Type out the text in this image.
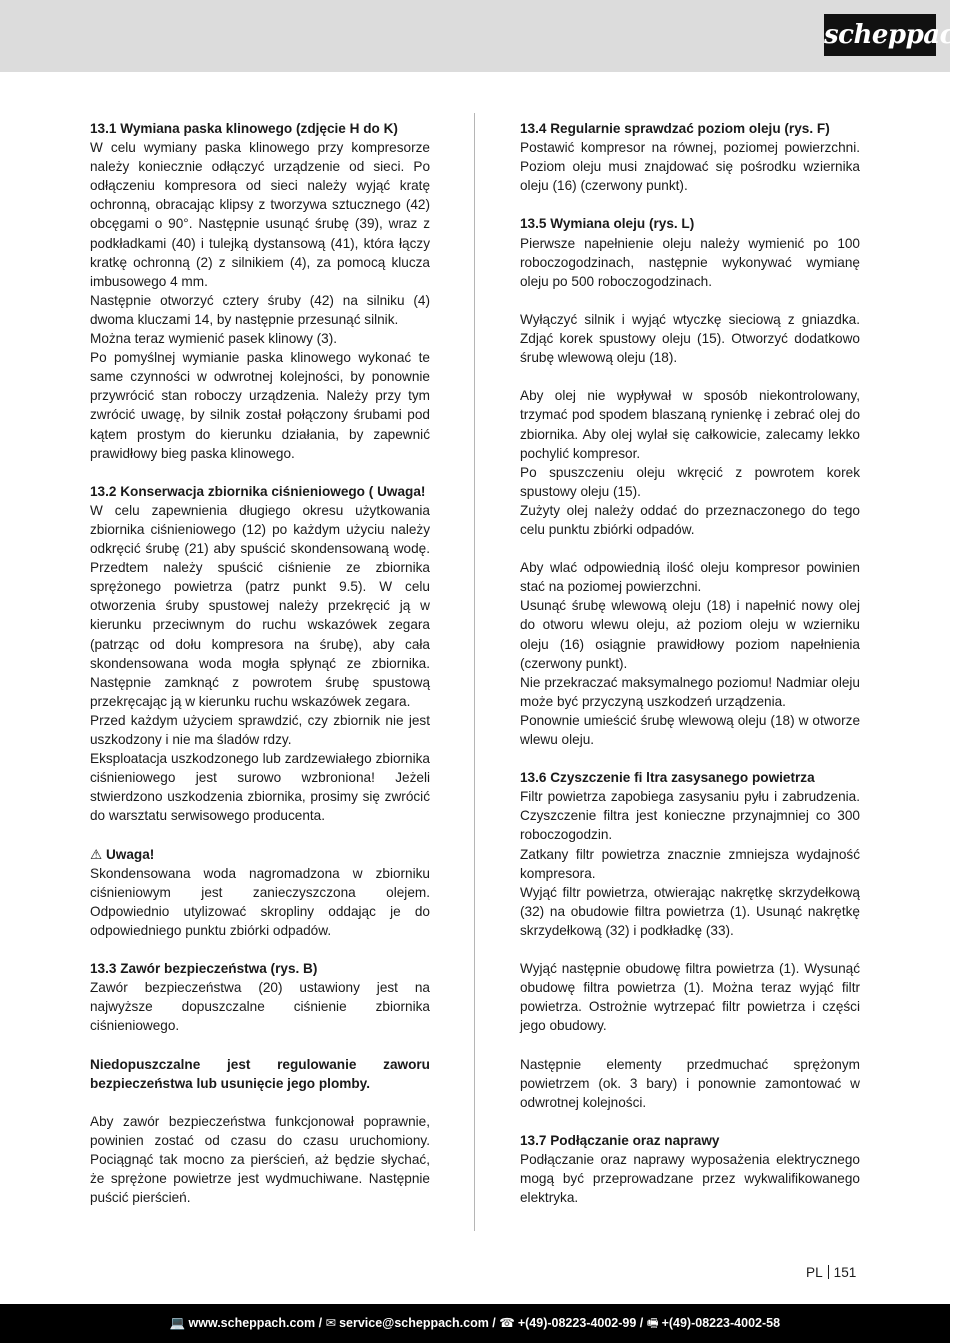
scheppach
13.1 Wymiana paska klinowego (zdjęcie H do K)

W celu wymiany paska klinowego przy kompresorze należy koniecznie odłączyć urządzenie od sieci. Po odłączeniu kompresora od sieci należy wyjąć kratę ochronną, obracając klipsy z tworzywa sztucznego (42) obcęgami o 90°. Następnie usunąć śrubę (39), wraz z podkładkami (40) i tulejką dystansową (41), która łączy kratkę ochronną (2) z silnikiem (4), za pomocą klucza imbusowego 4 mm.

Następnie otworzyć cztery śruby (42) na silniku (4) dwoma kluczami 14, by następnie przesunąć silnik.

Można teraz wymienić pasek klinowy (3).

Po pomyślnej wymianie paska klinowego wykonać te same czynności w odwrotnej kolejności, by ponownie przywrócić stan roboczy urządzenia. Należy przy tym zwrócić uwagę, by silnik został połączony śrubami pod kątem prostym do kierunku działania, by zapewnić prawidłowy bieg paska klinowego.

13.2 Konserwacja zbiornika ciśnieniowego ( Uwaga!

W celu zapewnienia długiego okresu użytkowania zbiornika ciśnieniowego (12) po każdym użyciu należy odkręcić śrubę (21) aby spuścić skondensowaną wodę. Przedtem należy spuścić ciśnienie ze zbiornika sprężonego powietrza (patrz punkt 9.5). W celu otworzenia śruby spustowej należy przekręcić ją w kierunku przeciwnym do ruchu wskazówek zegara (patrząc od dołu kompresora na śrubę), aby cała skondensowana woda mogła spłynąć ze zbiornika. Następnie zamknąć z powrotem śrubę spustową przekręcając ją w kierunku ruchu wskazówek zegara.

Przed każdym użyciem sprawdzić, czy zbiornik nie jest uszkodzony i nie ma śladów rdzy.

Eksploatacja uszkodzonego lub zardzewiałego zbiornika ciśnieniowego jest surowo wzbroniona! Jeżeli stwierdzono uszkodzenia zbiornika, prosimy się zwrócić do warsztatu serwisowego producenta.

⚠ Uwaga!

Skondensowana woda nagromadzona w zbiorniku ciśnieniowym jest zanieczyszczona olejem. Odpowiednio utylizować skropliny oddając je do odpowiedniego punktu zbiórki odpadów.

13.3 Zawór bezpieczeństwa (rys. B)

Zawór bezpieczeństwa (20) ustawiony jest na najwyższe dopuszczalne ciśnienie zbiornika ciśnieniowego.

Niedopuszczalne jest regulowanie zaworu bezpieczeństwa lub usunięcie jego plomby.

Aby zawór bezpieczeństwa funkcjonował poprawnie, powinien zostać od czasu do czasu uruchomiony. Pociągnąć tak mocno za pierścień, aż będzie słychać, że sprężone powietrze jest wydmuchiwane. Następnie puścić pierścień.

13.4 Regularnie sprawdzać poziom oleju (rys. F)

Postawić kompresor na równej, poziomej powierzchni. Poziom oleju musi znajdować się pośrodku wziernika oleju (16) (czerwony punkt).

13.5 Wymiana oleju (rys. L)

Pierwsze napełnienie oleju należy wymienić po 100 roboczogodzinach, następnie wykonywać wymianę oleju po 500 roboczogodzinach.

Wyłączyć silnik i wyjąć wtyczkę sieciową z gniazdka. Zdjąć korek spustowy oleju (15). Otworzyć dodatkowo śrubę wlewową oleju (18).

Aby olej nie wypływał w sposób niekontrolowany, trzymać pod spodem blaszaną rynienkę i zebrać olej do zbiornika. Aby olej wylał się całkowicie, zalecamy lekko pochylić kompresor.

Po spuszczeniu oleju wkręcić z powrotem korek spustowy oleju (15).

Zużyty olej należy oddać do przeznaczonego do tego celu punktu zbiórki odpadów.

Aby wlać odpowiednią ilość oleju kompresor powinien stać na poziomej powierzchni.

Usunąć śrubę wlewową oleju (18) i napełnić nowy olej do otworu wlewu oleju, aż poziom oleju w wzierniku oleju (16) osiągnie prawidłowy poziom napełnienia (czerwony punkt).

Nie przekraczać maksymalnego poziomu! Nadmiar oleju może być przyczyną uszkodzeń urządzenia.

Ponownie umieścić śrubę wlewową oleju (18) w otworze wlewu oleju.

13.6 Czyszczenie fi ltra zasysanego powietrza

Filtr powietrza zapobiega zasysaniu pyłu i zabrudzenia. Czyszczenie filtra jest konieczne przynajmniej co 300 roboczogodzin.

Zatkany filtr powietrza znacznie zmniejsza wydajność kompresora.

Wyjąć filtr powietrza, otwierając nakrętkę skrzydełkową (32) na obudowie filtra powietrza (1). Usunąć nakrętkę skrzydełkową (32) i podkładkę (33).

Wyjąć następnie obudowę filtra powietrza (1). Wysunąć obudowę filtra powietrza (1). Można teraz wyjąć filtr powietrza. Ostrożnie wytrzepać filtr powietrza i części jego obudowy.

Następnie elementy przedmuchać sprężonym powietrzem (ok. 3 bary) i ponownie zamontować w odwrotnej kolejności.

13.7 Podłączanie oraz naprawy

Podłączanie oraz naprawy wyposażenia elektrycznego mogą być przeprowadzane przez wykwalifikowanego elektryka.

PL 151
💻 www.scheppach.com / ✉ service@scheppach.com / ☎ +(49)-08223-4002-99 / 🖷 +(49)-08223-4002-58
